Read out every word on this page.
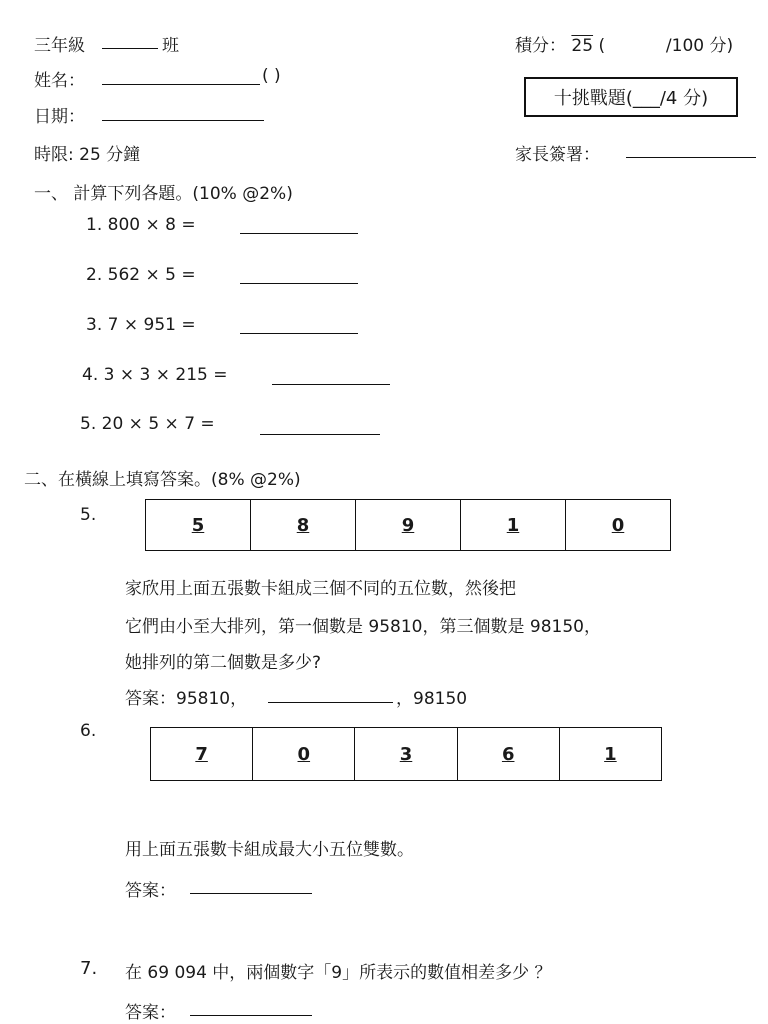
三年級	班
姓名：	( )
日期：
時限: 25 分鐘
積分： 25 (	/100 分)
十挑戰題(___/4 分)
家長簽署：
一、 計算下列各題。(10% @2%)
1. 800 × 8 =
2. 562 × 5 =
3. 7 × 951 =
4. 3 × 3 × 215 =
5. 20 × 5 × 7 =
二、在橫線上填寫答案。(8% @2%)
5.	5	8	9	1	0
家欣用上面五張數卡組成三個不同的五位數，然後把
它們由小至大排列，第一個數是 95810，第三個數是 98150，
她排列的第二個數是多少?
答案：95810，	，98150
6.
7	0	3	6	1
用上面五張數卡組成最大小五位雙數。
答案：
7. 在 69 094 中，兩個數字「9」所表示的數值相差多少 ？
答案：
